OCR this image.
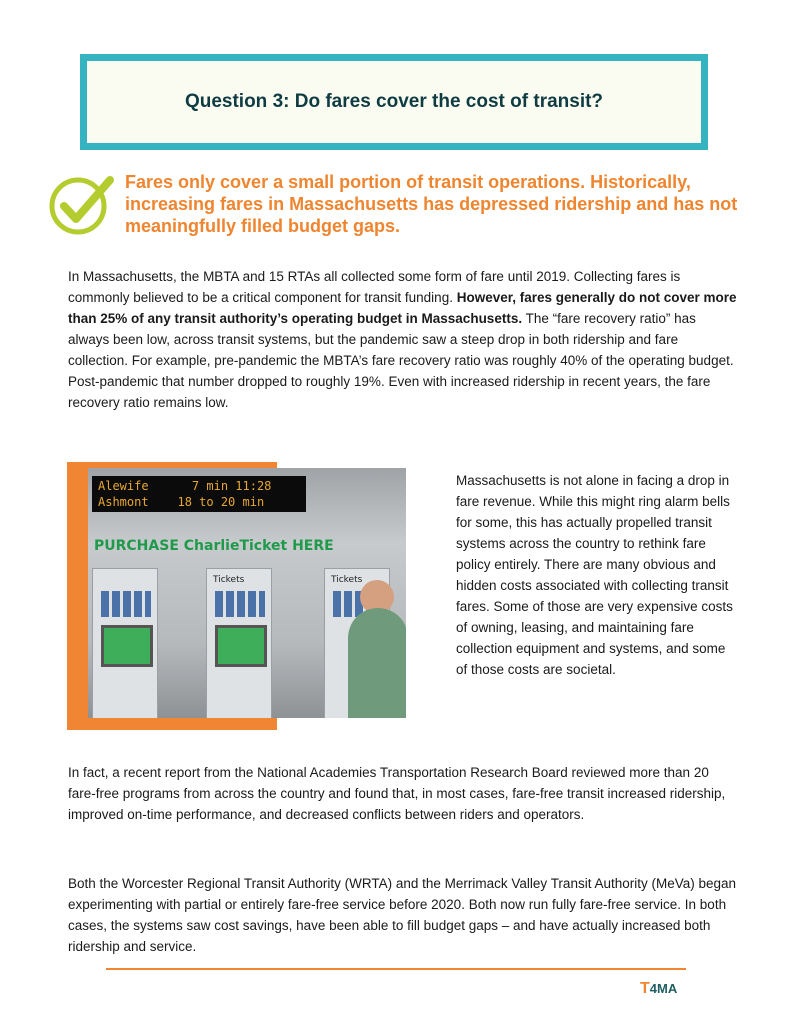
Question 3: Do fares cover the cost of transit?
Fares only cover a small portion of transit operations. Historically, increasing fares in Massachusetts has depressed ridership and has not meaningfully filled budget gaps.
In Massachusetts, the MBTA and 15 RTAs all collected some form of fare until 2019. Collecting fares is commonly believed to be a critical component for transit funding. However, fares generally do not cover more than 25% of any transit authority’s operating budget in Massachusetts. The “fare recovery ratio” has always been low, across transit systems, but the pandemic saw a steep drop in both ridership and fare collection. For example, pre-pandemic the MBTA’s fare recovery ratio was roughly 40% of the operating budget. Post-pandemic that number dropped to roughly 19%. Even with increased ridership in recent years, the fare recovery ratio remains low.
Alewife      7 min 11:28
Ashmont    18 to 20 min
PURCHASE CharlieTicket HERE
Tickets	Tickets
Massachusetts is not alone in facing a drop in fare revenue. While this might ring alarm bells for some, this has actually propelled transit systems across the country to rethink fare policy entirely. There are many obvious and hidden costs associated with collecting transit fares. Some of those are very expensive costs of owning, leasing, and maintaining fare collection equipment and systems, and some of those costs are societal.
In fact, a recent report from the National Academies Transportation Research Board reviewed more than 20 fare-free programs from across the country and found that, in most cases, fare-free transit increased ridership, improved on-time performance, and decreased conflicts between riders and operators.
Both the Worcester Regional Transit Authority (WRTA) and the Merrimack Valley Transit Authority (MeVa) began experimenting with partial or entirely fare-free service before 2020. Both now run fully fare-free service. In both cases, the systems saw cost savings, have been able to fill budget gaps – and have actually increased both ridership and service.
T4MA
